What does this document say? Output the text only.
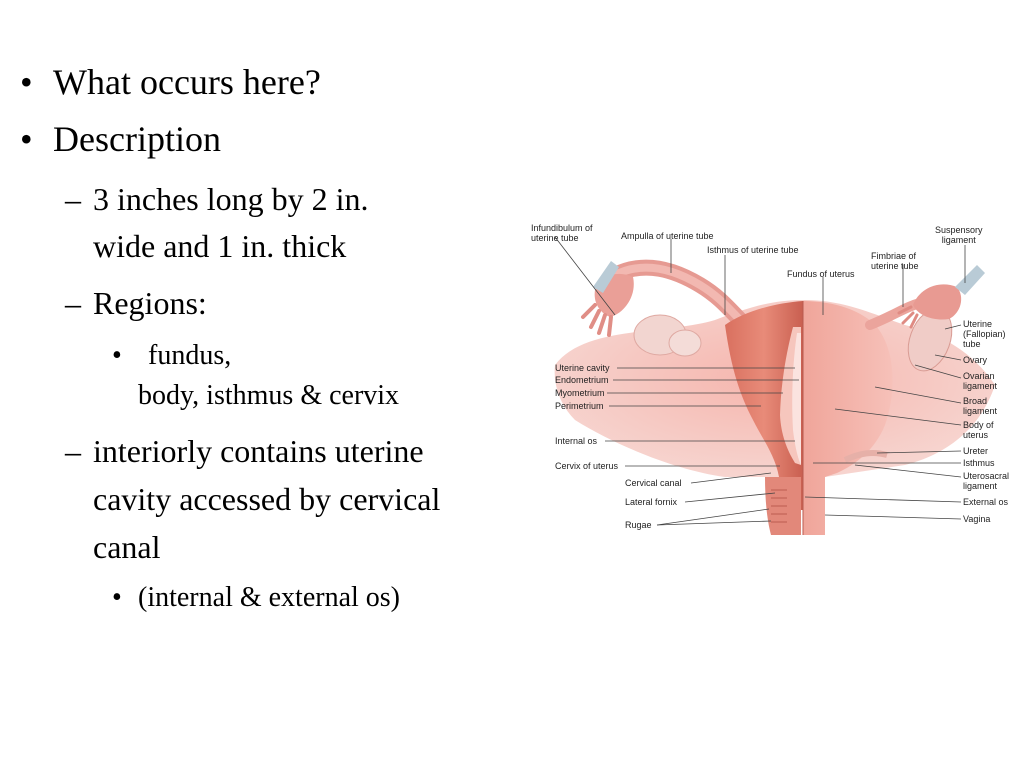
• What occurs here?
• Description
– 3 inches long by 2 in.
wide and 1 in. thick
– Regions:
• fundus,
body, isthmus & cervix
– interiorly contains uterine
cavity accessed by cervical
canal
• (internal & external os)
Infundibulum of
uterine tube	Ampulla of uterine tube
Isthmus of uterine tube
Fundus of uterus
Fimbriae of
uterine tube
Suspensory
ligament
Uterine
(Fallopian)
tube
Ovary
Ovarian
ligament
Broad
ligament
Body of
uterus
Ureter
Isthmus
Uterosacral
ligament
External os
Vagina
Uterine cavity
Endometrium
Myometrium
Perimetrium
Internal os
Cervix of uterus
Cervical canal
Lateral fornix
Rugae
